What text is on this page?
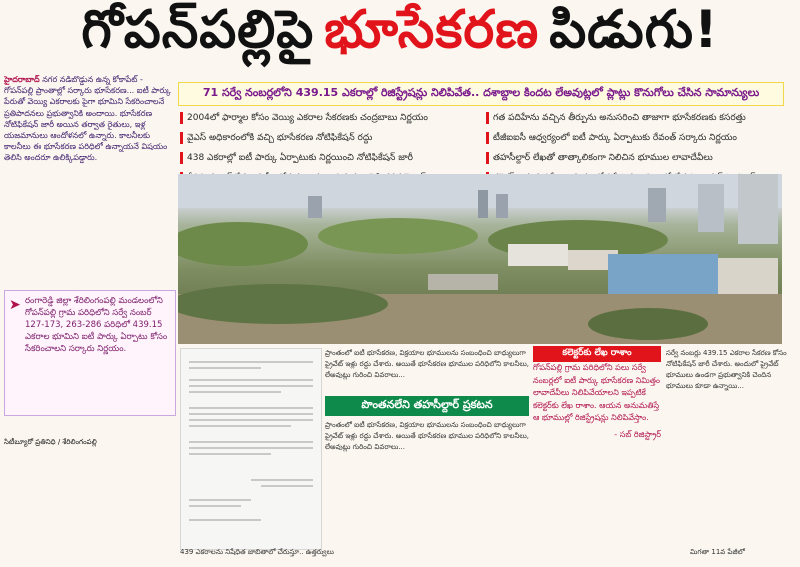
గోపన్‌పల్లిపై భూసేకరణ పిడుగు!

హైదరాబాద్‌ నగర నడిబొడ్డున ఉన్న కోకాపేట్‌ - గోపన్‌పల్లి ప్రాంతాల్లో సర్కారు భూసేకరణ... ఐటీ పార్కు పేరుతో వెయ్యి ఎకరాలకు పైగా భూమిని సేకరించాలనే ప్రతిపాదనలు ప్రభుత్వానికి అందాయి. భూసేకరణ నోటిఫికేషన్‌ జారీ అయిన తర్వాత రైతులు, ఇళ్ల యజమానులు ఆందోళనలో ఉన్నారు. కాలనీలకు కాలనీలు ఈ భూసేకరణ పరిధిలో ఉన్నాయనే విషయం తెలిసి అందరూ ఉలిక్కిపడ్డారు.

➤ రంగారెడ్డి జిల్లా శేరిలింగంపల్లి మండలంలోని గోపన్‌పల్లి గ్రామ పరిధిలోని సర్వే నంబర్‌ 127-173, 263-286 పరిధిలో 439.15 ఎకరాల భూమిని ఐటీ పార్కు ఏర్పాటు కోసం సేకరించాలని సర్కారు నిర్ణయం.
సిటీబ్యూరో ప్రతినిధి / శేరిలింగంపల్లి
71 సర్వే నంబర్లలోని 439.15 ఎకరాల్లో రిజిస్ట్రేషన్లు నిలిపివేత.. దశాబ్దాల కిందట లేఅవుట్లలో ప్లాట్లు కొనుగోలు చేసిన సామాన్యులు
2004లో ఫార్మాల కోసం వెయ్యి ఎకరాల సేకరణకు చంద్రబాబు నిర్ణయం
వైఎస్‌ అధికారంలోకి వచ్చి భూసేకరణ నోటిఫికేషన్‌ రద్దు
438 ఎకరాల్లో ఐటీ పార్కు ఏర్పాటుకు నిర్ణయించి నోటిఫికేషన్‌ జారీ
గత పదిహేను వచ్చిన తీర్పును అనుసరించి తాజాగా భూసేకరణకు కసరత్తు
టీజీఐఐసీ ఆధ్వర్యంలో ఐటీ పార్కు ఏర్పాటుకు రేవంత్‌ సర్కారు నిర్ణయం
తహసీల్దార్‌ లేఖతో తాత్కాలికంగా నిలిచిన భూముల లావాదేవీలు
ప్రాంతంలో ఐటీ భూసేకరణ, విక్రయాల భూములను సంబంధించి బాధ్యులుగా ప్రైవేట్‌ ఇళ్లు రద్దు చేశారు. అయితే భూసేకరణ భూముల పరిధిలోని కాలనీలు, లేఅవుట్లు గురించి వివరాలు...
పొంతనలేని తహసీల్దార్‌ ప్రకటన
ప్రాంతంలో ఐటీ భూసేకరణ, విక్రయాల భూములను సంబంధించి బాధ్యులుగా ప్రైవేట్‌ ఇళ్లు రద్దు చేశారు. అయితే భూసేకరణ భూముల పరిధిలోని కాలనీలు, లేఅవుట్లు గురించి వివరాలు...
కలెక్టర్‌కు లేఖ రాశాం
గోపన్‌పల్లి గ్రామ పరిధిలోని పలు సర్వే నంబర్లలో ఐటీ పార్కు భూసేకరణ నిమిత్తం లావాదేవీలు నిలిపివేయాలని ఇప్పటికే కలెక్టర్‌కు లేఖ రాశాం. ఆయన అనుమతిస్తే ఆ భూముల్లో రిజిస్ట్రేషన్లు నిలిపివేస్తాం.
- సబ్‌ రిజిస్ట్రార్‌
సర్వే నంబర్లు 439.15 ఎకరాల సేకరణ కోసం నోటిఫికేషన్‌ జారీ చేశారు. అందులో ప్రైవేట్‌ భూములు ఉండగా ప్రభుత్వానికి చెందిన భూములు కూడా ఉన్నాయి...
439 ఎకరాలను నిషేధిత జాబితాలో చేరుస్తూ.. ఉత్తర్వులు	మిగతా 11వ పేజీలో
